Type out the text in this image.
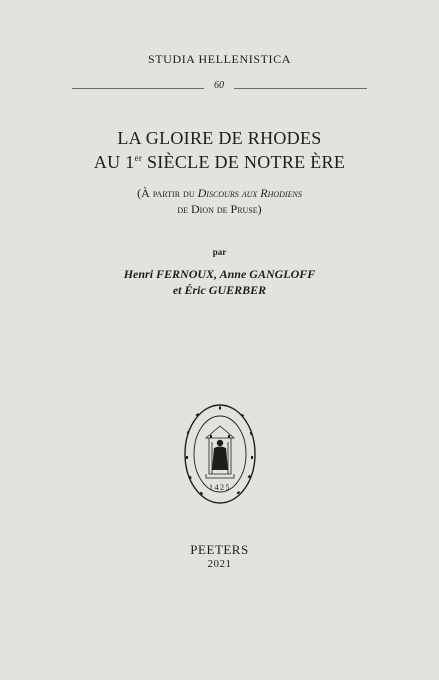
STUDIA HELLENISTICA
60
LA GLOIRE DE RHODES
AU 1er SIÈCLE DE NOTRE ÈRE
(À partir du Discours aux Rhodiens
de Dion de Pruse)
par
Henri FERNOUX, Anne GANGLOFF
et Éric GUERBER
1425
PEETERS
2021
